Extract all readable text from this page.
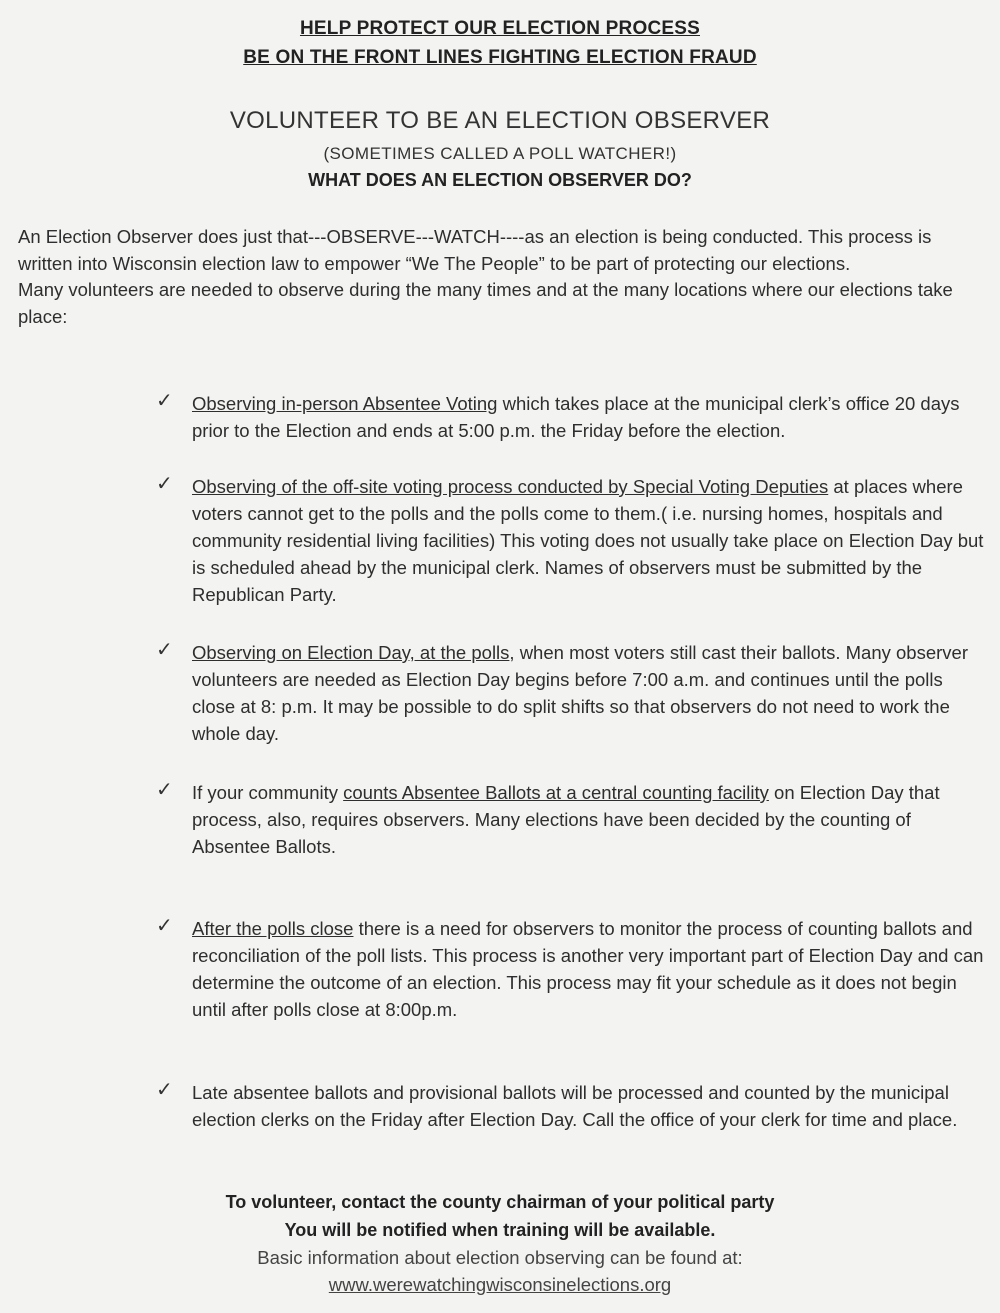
HELP PROTECT OUR ELECTION PROCESS
BE ON THE FRONT LINES FIGHTING ELECTION FRAUD
VOLUNTEER TO BE AN ELECTION OBSERVER
(SOMETIMES CALLED A POLL WATCHER!)
WHAT DOES AN ELECTION OBSERVER DO?

An Election Observer does just that---OBSERVE---WATCH----as an election is being conducted. This process is written into Wisconsin election law to empower “We The People” to be part of protecting our elections.

Many volunteers are needed to observe during the many times and at the many locations where our elections take place:

✓ Observing in-person Absentee Voting which takes place at the municipal clerk’s office 20 days prior to the Election and ends at 5:00 p.m. the Friday before the election.
✓ Observing of the off-site voting process conducted by Special Voting Deputies at places where voters cannot get to the polls and the polls come to them.( i.e. nursing homes, hospitals and community residential living facilities) This voting does not usually take place on Election Day but is scheduled ahead by the municipal clerk. Names of observers must be submitted by the Republican Party.
✓ Observing on Election Day, at the polls, when most voters still cast their ballots. Many observer volunteers are needed as Election Day begins before 7:00 a.m. and continues until the polls close at 8: p.m. It may be possible to do split shifts so that observers do not need to work the whole day.
✓ If your community counts Absentee Ballots at a central counting facility on Election Day that process, also, requires observers. Many elections have been decided by the counting of Absentee Ballots.
✓ After the polls close there is a need for observers to monitor the process of counting ballots and reconciliation of the poll lists. This process is another very important part of Election Day and can determine the outcome of an election. This process may fit your schedule as it does not begin until after polls close at 8:00p.m.
✓ Late absentee ballots and provisional ballots will be processed and counted by the municipal election clerks on the Friday after Election Day. Call the office of your clerk for time and place.
To volunteer, contact the county chairman of your political party
You will be notified when training will be available.
Basic information about election observing can be found at:
www.werewatchingwisconsinelections.org
